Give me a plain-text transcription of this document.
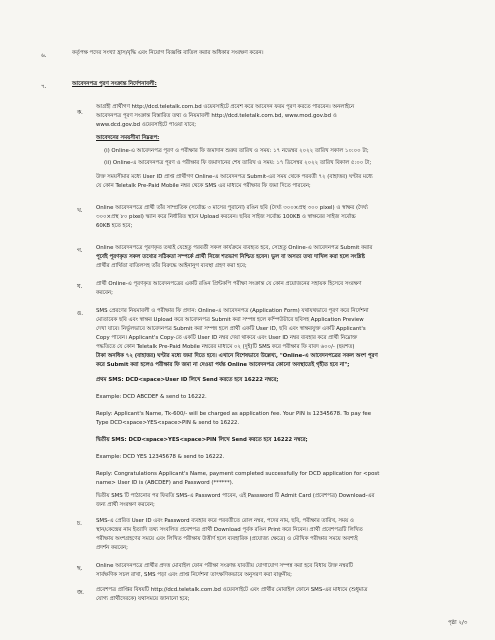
৬.	কর্তৃপক্ষ পদের সংখ্যা হ্রাস/বৃদ্ধি এবং নিয়োগ বিজ্ঞপ্তি বাতিল করার অধিকার সংরক্ষণ করেন।
৭.	আবেদনপত্র পূরণ সংক্রান্ত নির্দেশনাবলী:
ক.
আগ্রহী প্রার্থীগণ http://dcd.teletalk.com.bd ওয়েবসাইটে প্রবেশ করে আবেদন ফরম পূরণ করতে পারবেন। অনলাইনে
আবেদনপত্র পূরণ সংক্রান্ত বিস্তারিত তথ্য ও নিয়মাবলী http://dcd.teletalk.com.bd, www.mod.gov.bd ও
www.dcd.gov.bd ওয়েবসাইটে পাওয়া যাবে;
আবেদনের সময়সীমা নিম্নরূপ:
(i) Online-এ আবেদনপত্র পূরণ ও পরীক্ষার ফি জমাদান শুরুর তারিখ ও সময়: ১৭ নভেম্বর ২০২২ তারিখ সকাল ১০:০০ টা;
(ii) Online-এ আবেদনপত্র পূরণ ও পরীক্ষার ফি জমাদানের শেষ তারিখ ও সময়: ১৭ ডিসেম্বর ২০২২ তারিখ বিকাল ৫:০০ টা;
উক্ত সময়সীমার মধ্যে User ID প্রাপ্ত প্রার্থীগণ Online-এ আবেদনপত্র Submit-এর সময় থেকে পরবর্তী ৭২ (বাহাত্তর) ঘণ্টার মধ্যে
যে কোন Teletalk Pre-Paid Mobile নম্বর থেকে SMS এর মাধ্যমে পরীক্ষার ফি জমা দিতে পারবেন;
খ. Online আবেদনপত্রে প্রার্থী তাঁর সাম্প্রতিক (সর্বোচ্চ ৩ মাসের পুরানো) রঙিন ছবি (দৈর্ঘ্য ৩০০×প্রস্থ ৩০০ pixel) ও স্বাক্ষর (দৈর্ঘ্য
৩০০×প্রস্থ ৮০ pixel) স্ক্যান করে নির্ধারিত স্থানে Upload করবেন। ছবির সাইজ সর্বোচ্চ 100KB ও স্বাক্ষরের সাইজ সর্বোচ্চ
60KB হতে হবে;
গ. Online আবেদনপত্রে পূরণকৃত তথ্যই যেহেতু পরবর্তী সকল কার্যক্রমে ব্যবহৃত হবে, সেহেতু Online-এ আবেদনপত্র Submit করার
পূর্বেই পূরণকৃত সকল তথ্যের সঠিকতা সম্পর্কে প্রার্থী নিজে শতভাগ নিশ্চিত হবেন। ভুল বা অসত্য তথ্য দাখিল করা হলে সংশ্লিষ্ট
প্রার্থীর প্রার্থিতা বাতিলসহ তাঁর বিরুদ্ধে আইনানুগ ব্যবস্থা গ্রহণ করা হবে;
ঘ.	প্রার্থী Online-এ পূরণকৃত আবেদনপত্রের একটি রঙিন প্রিন্টকপি পরীক্ষা সংক্রান্ত যে কোন প্রয়োজনের সহায়ক হিসেবে সংরক্ষণ
করবেন;
ঙ. SMS প্রেরণের নিয়মাবলী ও পরীক্ষার ফি প্রদান: Online-এ আবেদনপত্র (Application Form) যথাযথভাবে পূরণ করে নির্দেশনা
মোতাবেক ছবি এবং স্বাক্ষর Upload করে আবেদনপত্র Submit করা সম্পন্ন হলে কম্পিউটারে ছবিসহ Application Preview
দেখা যাবে। নির্ভুলভাবে আবেদনপত্র Submit করা সম্পন্ন হলে প্রার্থী একটি User ID, ছবি এবং স্বাক্ষরযুক্ত একটি Applicant's
Copy পাবেন। Applicant's Copy-তে একটি User ID নম্বর দেয়া থাকবে এবং User ID নম্বর ব্যবহার করে প্রার্থী নিম্নোক্ত
পদ্ধতিতে যে কোন Teletalk Pre-Paid Mobile নম্বরের মাধ্যমে ০২ (দুই)টি SMS করে পরীক্ষার ফি বাবদ ৬০০/- (ছয়শত)
টাকা অনধিক ৭২ (বাহাত্তর) ঘণ্টার মধ্যে জমা দিতে হবে। এখানে বিশেষভাবে উল্লেখ্য, "Online-এ আবেদনপত্রের সকল অংশ পূরণ
করে Submit করা হলেও পরীক্ষার ফি জমা না দেওয়া পর্যন্ত Online আবেদনপত্র কোনো অবস্থাতেই গৃহীত হবে না";
প্রথম SMS: DCD<space>User ID লিখে Send করতে হবে 16222 নম্বরে;
Example: DCD ABCDEF & send to 16222.
Reply: Applicant's Name, Tk-600/- will be charged as application fee. Your PIN is 12345678. To pay fee
Type DCD<space>YES<space>PIN & send to 16222.
দ্বিতীয় SMS: DCD<space>YES<space>PIN লিখে Send করতে হবে 16222 নম্বরে;
Example: DCD YES 12345678 & send to 16222.
Reply: Congratulations Applicant's Name, payment completed successfully for DCD application for <post
name> User ID is (ABCDEF) and Password (******).
দ্বিতীয় SMS টি পাঠানোর পর ফিরতি SMS-এ Password পাবেন, এই Password টি Admit Card (প্রবেশপত্র) Download-এর
জন্য প্রার্থী সংরক্ষণ করবেন;
চ.	SMS-এ প্রেরিত User ID এবং Password ব্যবহার করে পরবর্তীতে রোল নম্বর, পদের নাম, ছবি, পরীক্ষার তারিখ, সময় ও
স্থান/কেন্দ্রের নাম ইত্যাদি তথ্য সংবলিত প্রবেশপত্র প্রার্থী Download পূর্বক রঙিন Print করে নিবেন। প্রার্থী প্রবেশপত্রটি লিখিত
পরীক্ষায় অংশগ্রহণের সময়ে এবং লিখিত পরীক্ষায় উত্তীর্ণ হলে ব্যবহারিক (প্রযোজ্য ক্ষেত্রে) ও মৌখিক পরীক্ষার সময়ে অবশ্যই
প্রদর্শন করবেন;
ছ.	Online আবেদনপত্রে প্রার্থীর প্রদত্ত মোবাইল ফোন পরীক্ষা সংক্রান্ত যাবতীয় যোগাযোগ সম্পন্ন করা হবে বিধায় উক্ত নম্বরটি
সার্বক্ষণিক সচল রাখা, SMS পড়া এবং প্রাপ্ত নির্দেশনা তাৎক্ষণিকভাবে অনুসরণ করা বাঞ্ছনীয়;
জ. প্রবেশপত্র প্রাপ্তির বিষয়টি http://dcd.teletalk.com.bd ওয়েবসাইটে এবং প্রার্থীর মোবাইল ফোনে SMS-এর মাধ্যমে (শুধুমাত্র
যোগ্য প্রার্থীদেরকে) যথাসময়ে জানানো হবে;
পৃষ্ঠা ২/৩
